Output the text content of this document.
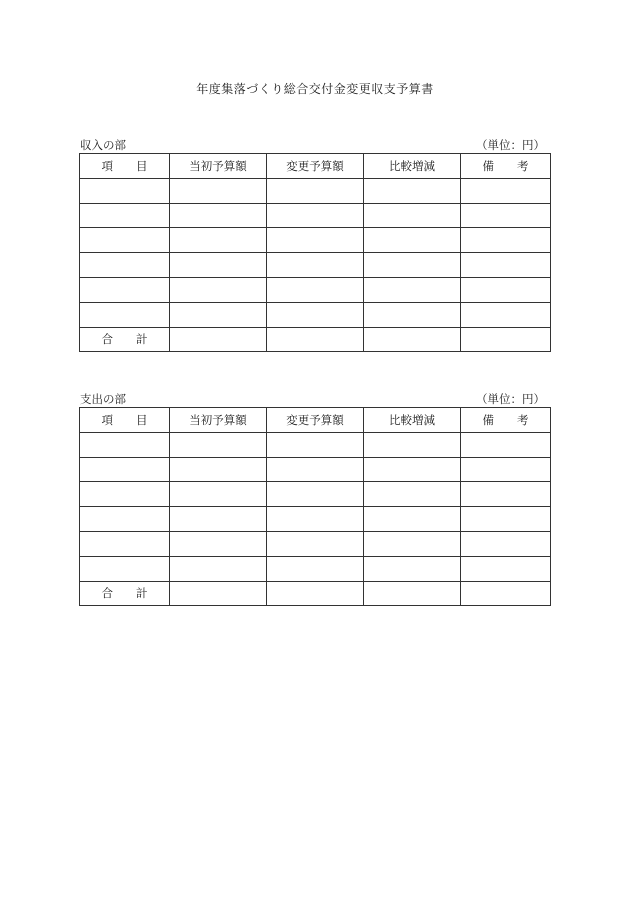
年度集落づくり総合交付金変更収支予算書
収入の部	（単位：円）
項　　目	当初予算額	変更予算額	比較増減	備　　考

合　　計				
支出の部	（単位：円）
項　　目	当初予算額	変更予算額	比較増減	備　　考

合　　計				
